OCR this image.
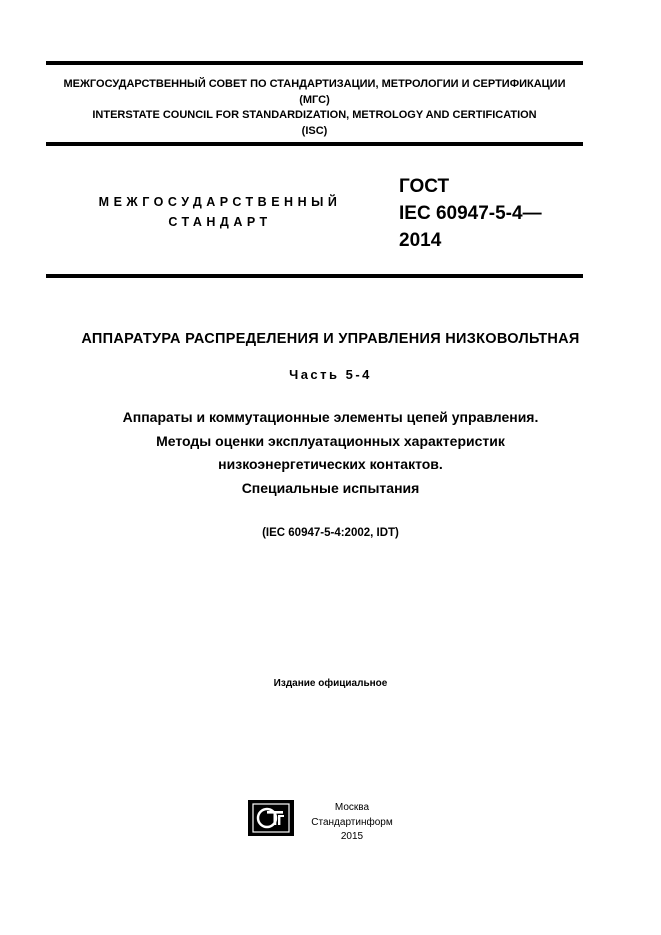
МЕЖГОСУДАРСТВЕННЫЙ СОВЕТ ПО СТАНДАРТИЗАЦИИ, МЕТРОЛОГИИ И СЕРТИФИКАЦИИ
(МГС)
INTERSTATE COUNCIL FOR STANDARDIZATION, METROLOGY AND CERTIFICATION
(ISC)
МЕЖГОСУДАРСТВЕННЫЙ
СТАНДАРТ
ГОСТ
IEC 60947-5-4—
2014
АППАРАТУРА РАСПРЕДЕЛЕНИЯ И УПРАВЛЕНИЯ НИЗКОВОЛЬТНАЯ
Часть 5-4
Аппараты и коммутационные элементы цепей управления.
Методы оценки эксплуатационных характеристик
низкоэнергетических контактов.
Специальные испытания
(IEC 60947-5-4:2002, IDT)
Издание официальное
Москва
Стандартинформ
2015
